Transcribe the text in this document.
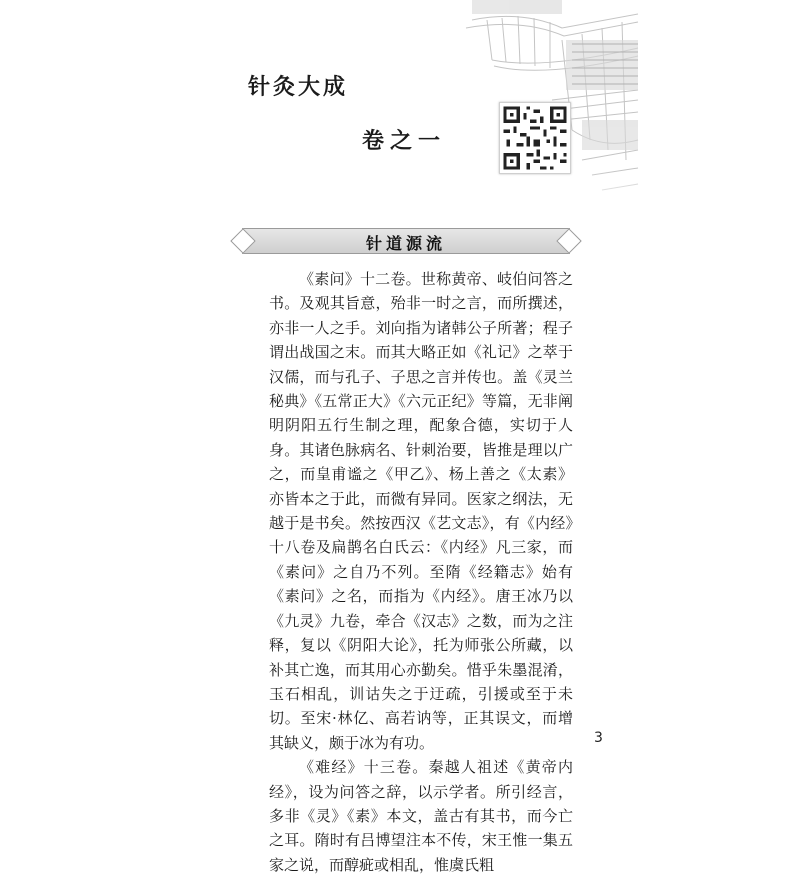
针灸大成
卷之一
针道源流

《素问》十二卷。世称黄帝、岐伯问答之书。及观其旨意，殆非一时之言，而所撰述，亦非一人之手。刘向指为诸韩公子所著；程子谓出战国之末。而其大略正如《礼记》之萃于汉儒，而与孔子、子思之言并传也。盖《灵兰秘典》《五常正大》《六元正纪》等篇，无非阐明阴阳五行生制之理，配象合德，实切于人身。其诸色脉病名、针刺治要，皆推是理以广之，而皇甫谧之《甲乙》、杨上善之《太素》亦皆本之于此，而微有异同。医家之纲法，无越于是书矣。然按西汉《艺文志》，有《内经》十八卷及扁鹊名白氏云：《内经》凡三家，而《素问》之自乃不列。至隋《经籍志》始有《素问》之名，而指为《内经》。唐王冰乃以《九灵》九卷，牵合《汉志》之数，而为之注释，复以《阴阳大论》，托为师张公所藏，以补其亡逸，而其用心亦勤矣。惜乎朱墨混淆，玉石相乱，训诂失之于迂疏，引援或至于未切。至宋·林亿、高若讷等，正其误文，而增其缺义，颇于冰为有功。

《难经》十三卷。秦越人祖述《黄帝内经》，设为问答之辞，以示学者。所引经言，多非《灵》《素》本文，盖古有其书，而今亡之耳。隋时有吕博望注本不传，宋王惟一集五家之说，而醇疵或相乱，惟虞氏粗

3
